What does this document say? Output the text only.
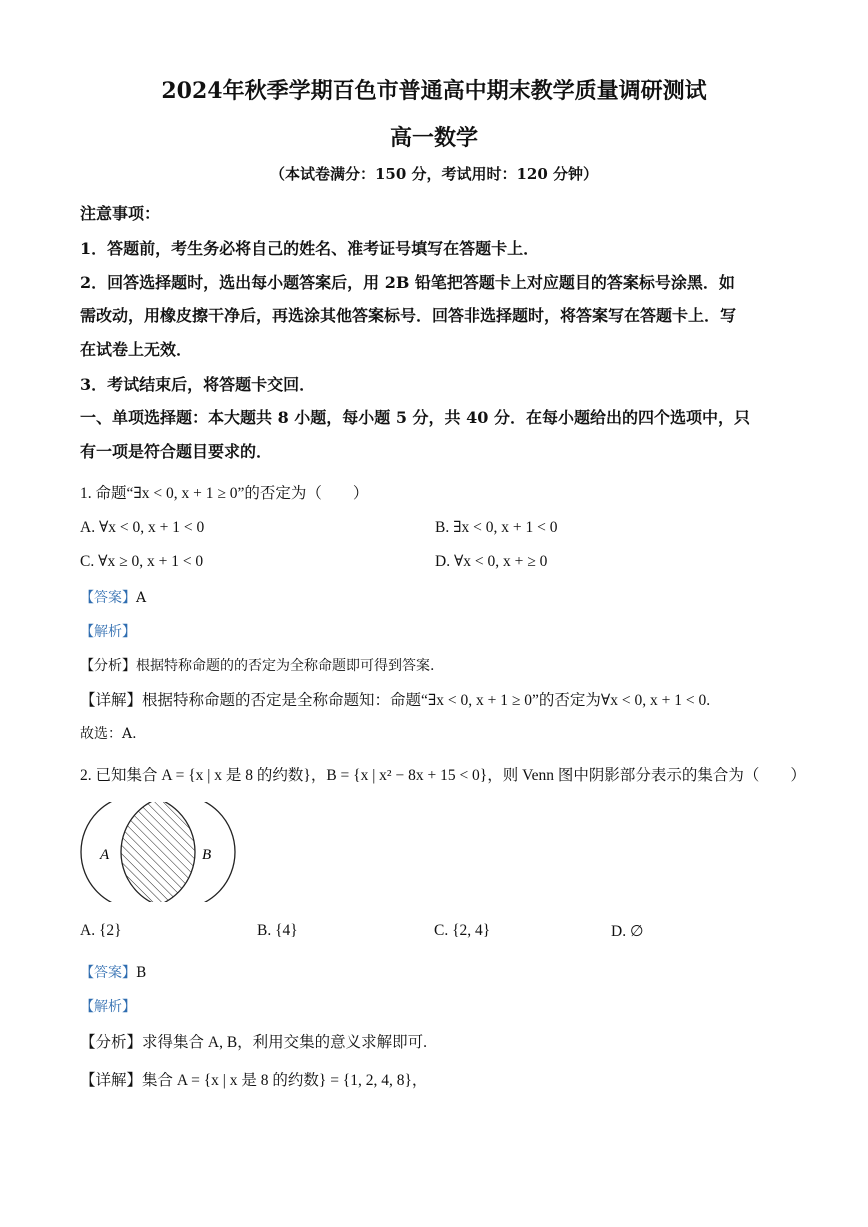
2024年秋季学期百色市普通高中期末教学质量调研测试
高一数学
（本试卷满分：150 分，考试用时：120 分钟）
注意事项：
1．答题前，考生务必将自己的姓名、准考证号填写在答题卡上．
2．回答选择题时，选出每小题答案后，用 2B 铅笔把答题卡上对应题目的答案标号涂黑．如
需改动，用橡皮擦干净后，再选涂其他答案标号．回答非选择题时，将答案写在答题卡上．写
在试卷上无效．
3．考试结束后，将答题卡交回．
一、单项选择题：本大题共 8 小题，每小题 5 分，共 40 分．在每小题给出的四个选项中，只
有一项是符合题目要求的．
1. 命题“∃x < 0, x + 1 ≥ 0”的否定为（　　）
A. ∀x < 0, x + 1 < 0	B. ∃x < 0, x + 1 < 0
C. ∀x ≥ 0, x + 1 < 0	D. ∀x < 0, x + ≥ 0
【答案】A
【解析】
【分析】根据特称命题的的否定为全称命题即可得到答案.
【详解】根据特称命题的否定是全称命题知：命题“∃x < 0, x + 1 ≥ 0”的否定为∀x < 0, x + 1 < 0.
故选：A.
2. 已知集合 A = {x | x 是 8 的约数}，B = {x | x² − 8x + 15 < 0}，则 Venn 图中阴影部分表示的集合为（　　）
A	B
A. {2}	B. {4}	C. {2, 4}	D. ∅
【答案】B
【解析】
【分析】求得集合 A, B，利用交集的意义求解即可.
【详解】集合 A = {x | x 是 8 的约数} = {1, 2, 4, 8}，
